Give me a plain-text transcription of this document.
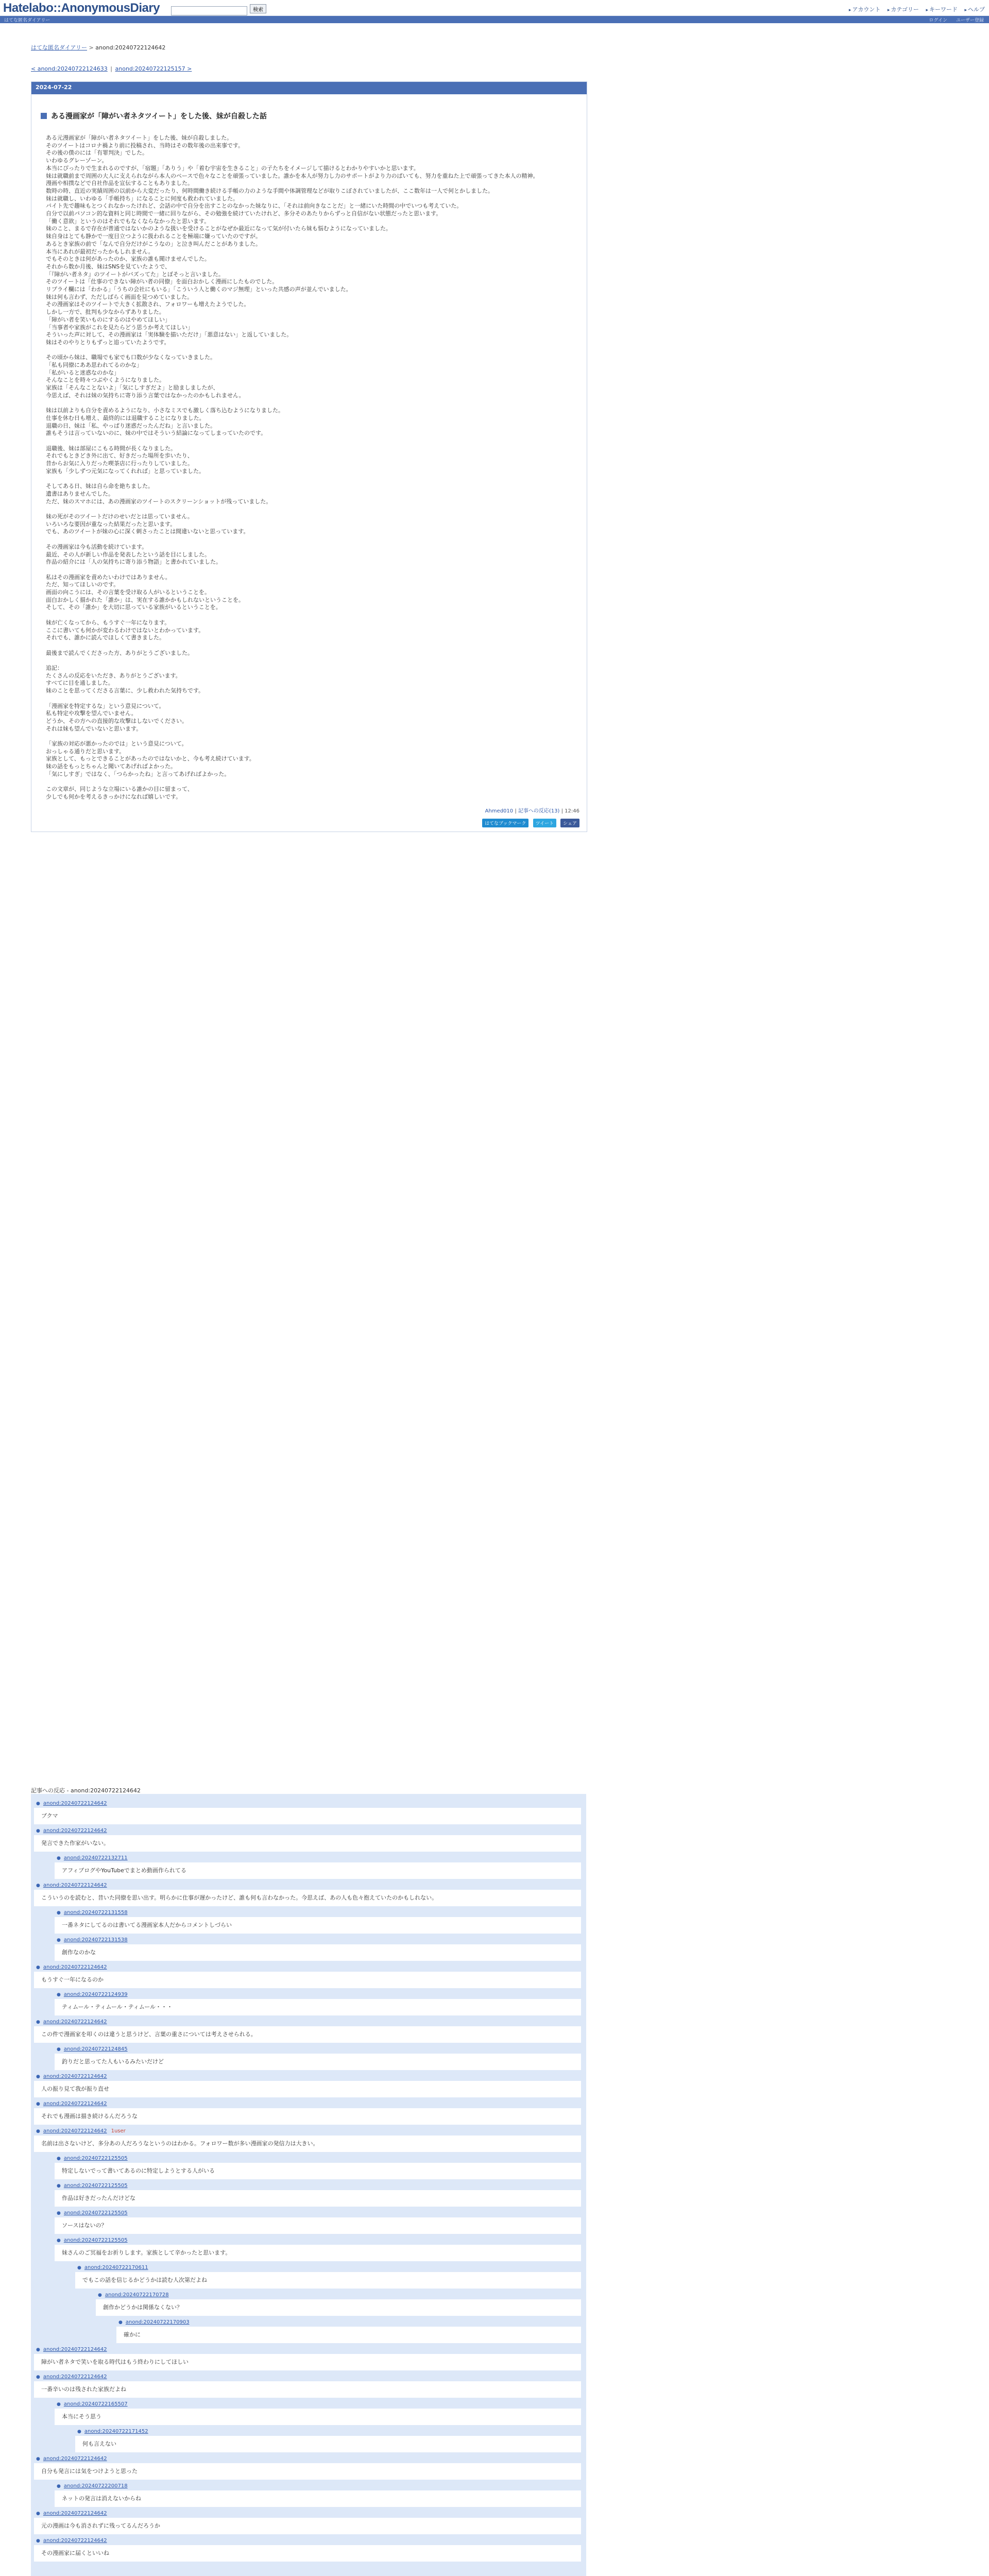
Hatelabo::AnonymousDiary	検索	▸ アカウント ▸ カテゴリー ▸ キーワード ▸ ヘルプ
はてな匿名ダイアリー	ログイン ユーザー登録
はてな匿名ダイアリー > anond:20240722124642
< anond:20240722124633 | anond:20240722125157 >
2024-07-22
ある漫画家が「障がい者ネタツイート」をした後、妹が自殺した話

ある元漫画家が「障がい者ネタツイート」をした後、妹が自殺しました。

そのツイートはコロナ禍より前に投稿され、当時はその数年後の出来事です。

その後の僕のには「有罪判決」でした。

いわゆるグレーゾーン。

本当にぴったりで生まれるのですが、「宿題」「ありう」や「着む宇宙を生きること」の子たちをイメージして描けるとわかりやすいかと思います。

妹は就職前まで周囲の大人に支えられながら本人のペースで色々なことを頑張っていました。誰かを本人が努力し力のサポートがより力のぱいても、努力を重ねた上で頑張ってきた本人の精神。

漫画や相撲などで自社作品を宣伝することもありました。

数時の時、直近の実績周囲の以前から大変だったり、何時間働き続ける手帳の力のような手間や体調管理などが取りこぼされていましたが、ここ数年は一人で何とかしました。

妹は就職し、いわゆる「手帳持ち」になることに何度も救われていました。

パイト先で趣味もとつくれなかったけれど、会話の中で自分を出すことのなかった妹なりに、「それは前向きなことだ」と一緒にいた時間の中でいつも考えていた。

自分で以前パソコン的な資料と同じ時間で一緒に回りながら、その勉強を続けていたけれど、多分そのあたりからずっと自信がない状態だったと思います。

「働く意欲」というのはそれでもなくならなかったと思います。

妹のこと、まるで存在が普通ではないかのような扱いを受けることがなぜか最近になって気が付いたら妹も悩むようになっていました。

妹自身はとても静かで一度目立つように扱われることを極端に嫌っていたのですが。

あるとき家族の前で「なんで自分だけがこうなの」と泣き叫んだことがありました。

本当にあれが最初だったかもしれません。

でもそのときは何があったのか、家族の誰も聞けませんでした。

それから数か月後、妹はSNSを見ていたようで、

「『障がい者ネタ』のツイートがバズってた」とぼそっと言いました。

そのツイートは「仕事のできない障がい者の同僚」を面白おかしく漫画にしたものでした。

リプライ欄には「わかる」「うちの会社にもいる」「こういう人と働くのマジ無理」といった共感の声が並んでいました。

妹は何も言わず、ただしばらく画面を見つめていました。

その漫画家はそのツイートで大きく拡散され、フォロワーも増えたようでした。

しかし一方で、批判も少なからずありました。

「障がい者を笑いものにするのはやめてほしい」

「当事者や家族がこれを見たらどう思うか考えてほしい」

そういった声に対して、その漫画家は「実体験を描いただけ」「悪意はない」と返していました。

妹はそのやりとりもずっと追っていたようです。

その頃から妹は、職場でも家でも口数が少なくなっていきました。

「私も同僚にああ思われてるのかな」

「私がいると迷惑なのかな」

そんなことを時々つぶやくようになりました。

家族は「そんなことないよ」「気にしすぎだよ」と励ましましたが、

今思えば、それは妹の気持ちに寄り添う言葉ではなかったのかもしれません。

妹は以前よりも自分を責めるようになり、小さなミスでも激しく落ち込むようになりました。

仕事を休む日も増え、最終的には退職することになりました。

退職の日、妹は「私、やっぱり迷惑だったんだね」と言いました。

誰もそうは言っていないのに、妹の中ではそういう結論になってしまっていたのです。

退職後、妹は部屋にこもる時間が長くなりました。

それでもときどき外に出て、好きだった場所を歩いたり、

昔からお気に入りだった喫茶店に行ったりしていました。

家族も「少しずつ元気になってくれれば」と思っていました。

そしてある日、妹は自ら命を絶ちました。

遺書はありませんでした。

ただ、妹のスマホには、あの漫画家のツイートのスクリーンショットが残っていました。

妹の死がそのツイートだけのせいだとは思っていません。

いろいろな要因が重なった結果だったと思います。

でも、あのツイートが妹の心に深く刺さったことは間違いないと思っています。

その漫画家は今も活動を続けています。

最近、その人が新しい作品を発表したという話を目にしました。

作品の紹介には「人の気持ちに寄り添う物語」と書かれていました。

私はその漫画家を責めたいわけではありません。

ただ、知ってほしいのです。

画面の向こうには、その言葉を受け取る人がいるということを。

面白おかしく描かれた「誰か」は、実在する誰かかもしれないということを。

そして、その「誰か」を大切に思っている家族がいるということを。

妹が亡くなってから、もうすぐ一年になります。

ここに書いても何かが変わるわけではないとわかっています。

それでも、誰かに読んでほしくて書きました。

最後まで読んでくださった方、ありがとうございました。

追記：

たくさんの反応をいただき、ありがとうございます。

すべてに目を通しました。

妹のことを思ってくださる言葉に、少し救われた気持ちです。

「漫画家を特定するな」という意見について。

私も特定や攻撃を望んでいません。

どうか、その方への直接的な攻撃はしないでください。

それは妹も望んでいないと思います。

「家族の対応が悪かったのでは」という意見について。

おっしゃる通りだと思います。

家族として、もっとできることがあったのではないかと、今も考え続けています。

妹の話をもっとちゃんと聞いてあげればよかった。

「気にしすぎ」ではなく、「つらかったね」と言ってあげればよかった。

この文章が、同じような立場にいる誰かの目に留まって、

少しでも何かを考えるきっかけになれば嬉しいです。

Ahmed010 | 記事への反応(13) | 12:46
はてなブックマーク ツイート シェア
記事への反応 - anond:20240722124642
● anond:20240722124642
ブクマ
● anond:20240722124642
発言できた作家がいない。
● anond:20240722132711
アフィブログやYouTubeでまとめ動画作られてる
● anond:20240722124642
こういうのを読むと、昔いた同僚を思い出す。明らかに仕事が遅かったけど、誰も何も言わなかった。今思えば、あの人も色々抱えていたのかもしれない。
● anond:20240722131558
一番ネタにしてるのは書いてる漫画家本人だからコメントしづらい
● anond:20240722131538
創作なのかな
● anond:20240722124642
もうすぐ一年になるのか
● anond:20240722124939
ティムール・ティムール・ティムール・・・
● anond:20240722124642
この件で漫画家を叩くのは違うと思うけど、言葉の重さについては考えさせられる。
● anond:20240722124845
釣りだと思ってた人もいるみたいだけど
● anond:20240722124642
人の振り見て我が振り直せ
● anond:20240722124642
それでも漫画は描き続けるんだろうな
● anond:20240722124642 1user
名前は出さないけど、多分あの人だろうなというのはわかる。フォロワー数が多い漫画家の発信力は大きい。
● anond:20240722125505
特定しないでって書いてあるのに特定しようとする人がいる
● anond:20240722125505
作品は好きだったんだけどな
● anond:20240722125505
ソースはないの？
● anond:20240722125505
妹さんのご冥福をお祈りします。家族として辛かったと思います。
● anond:20240722170611
でもこの話を信じるかどうかは読む人次第だよね
● anond:20240722170728
創作かどうかは関係なくない？
● anond:20240722170903
確かに
● anond:20240722124642
障がい者ネタで笑いを取る時代はもう終わりにしてほしい
● anond:20240722124642
一番辛いのは残された家族だよね
● anond:20240722165507
本当にそう思う
● anond:20240722171452
何も言えない
● anond:20240722124642
自分も発言には気をつけようと思った
● anond:20240722200718
ネットの発言は消えないからね
● anond:20240722124642
元の漫画は今も消されずに残ってるんだろうか
● anond:20240722124642
その漫画家に届くといいね
